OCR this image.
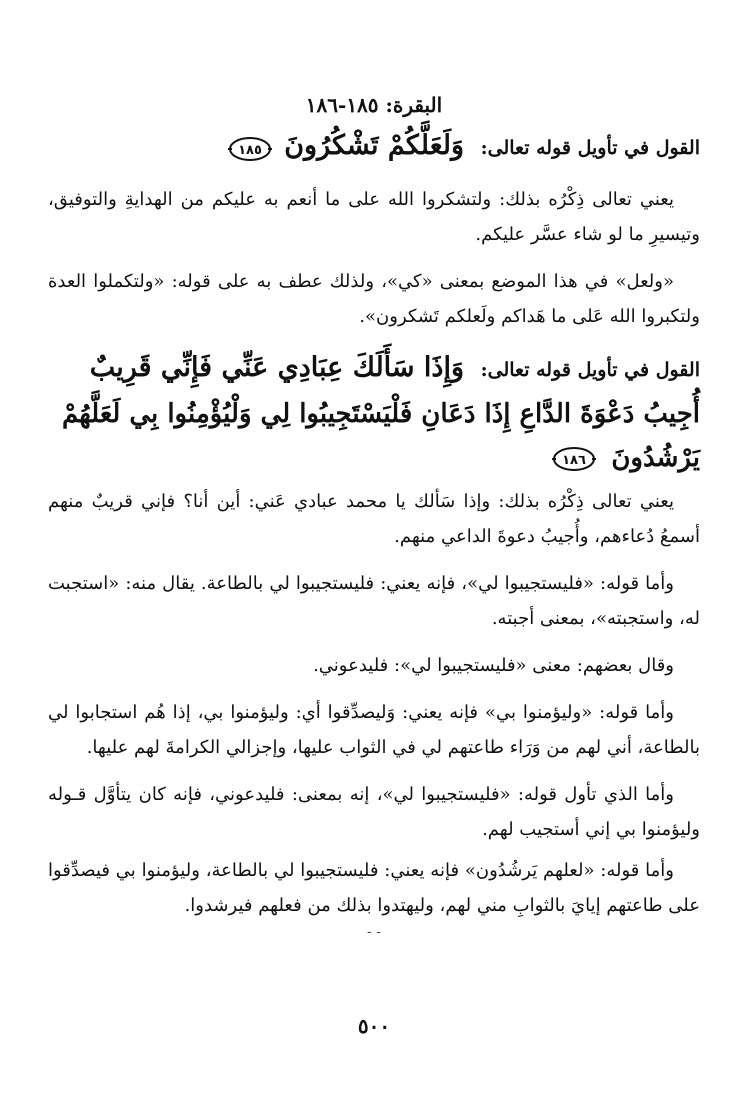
البقرة: ١٨٥-١٨٦
القول في تأويل قوله تعالى: وَلَعَلَّكُمْ تَشْكُرُونَ
١٨٥

يعني تعالى ذِكْرُه بذلك: ولتشكروا الله على ما أنعم به عليكم من الهدايةِ والتوفيق، وتيسيرِ ما لو شاء عسَّر عليكم.

«ولعل» في هذا الموضع بمعنى «كي»، ولذلك عطف به على قوله: «ولتكملوا العدة ولتكبروا الله عَلى ما هَداكم ولَعلكم تَشكرون».

القول في تأويل قوله تعالى: وَإِذَا سَأَلَكَ عِبَادِي عَنِّي فَإِنِّي قَرِيبٌ
أُجِيبُ دَعْوَةَ الدَّاعِ إِذَا دَعَانِ فَلْيَسْتَجِيبُوا لِي وَلْيُؤْمِنُوا بِي لَعَلَّهُمْ
يَرْشُدُونَ
١٨٦

يعني تعالى ذِكْرُه بذلك: وإذا سَألك يا محمد عبادي عَني: أين أنا؟ فإني قريبٌ منهم أسمعُ دُعاءهم، وأُجيبُ دعوةَ الداعي منهم.

وأما قوله: «فليستجيبوا لي»، فإنه يعني: فليستجيبوا لي بالطاعة. يقال منه: «استجبت له، واستجبته»، بمعنى أجبته.

وقال بعضهم: معنى «فليستجيبوا لي»: فليدعوني.

وأما قوله: «وليؤمنوا بي» فإنه يعني: وَليصدِّقوا أي: وليؤمنوا بي، إذا هُم استجابوا لي بالطاعة، أني لهم من وَرَاء طاعتهم لي في الثواب عليها، وإجزالي الكرامةَ لهم عليها.

وأما الذي تأول قوله: «فليستجيبوا لي»، إنه بمعنى: فليدعوني، فإنه كان يتأوَّل قـوله وليؤمنوا بي إني أستجيب لهم.

وأما قوله: «لعلهم يَرشُدُون» فإنه يعني: فليستجيبوا لي بالطاعة، وليؤمنوا بي فيصدِّقوا على طاعتهم إيايَ بالثوابِ مني لهم، وليهتدوا بذلك من فعلهم فيرشدوا.

- -
٥٠٠
